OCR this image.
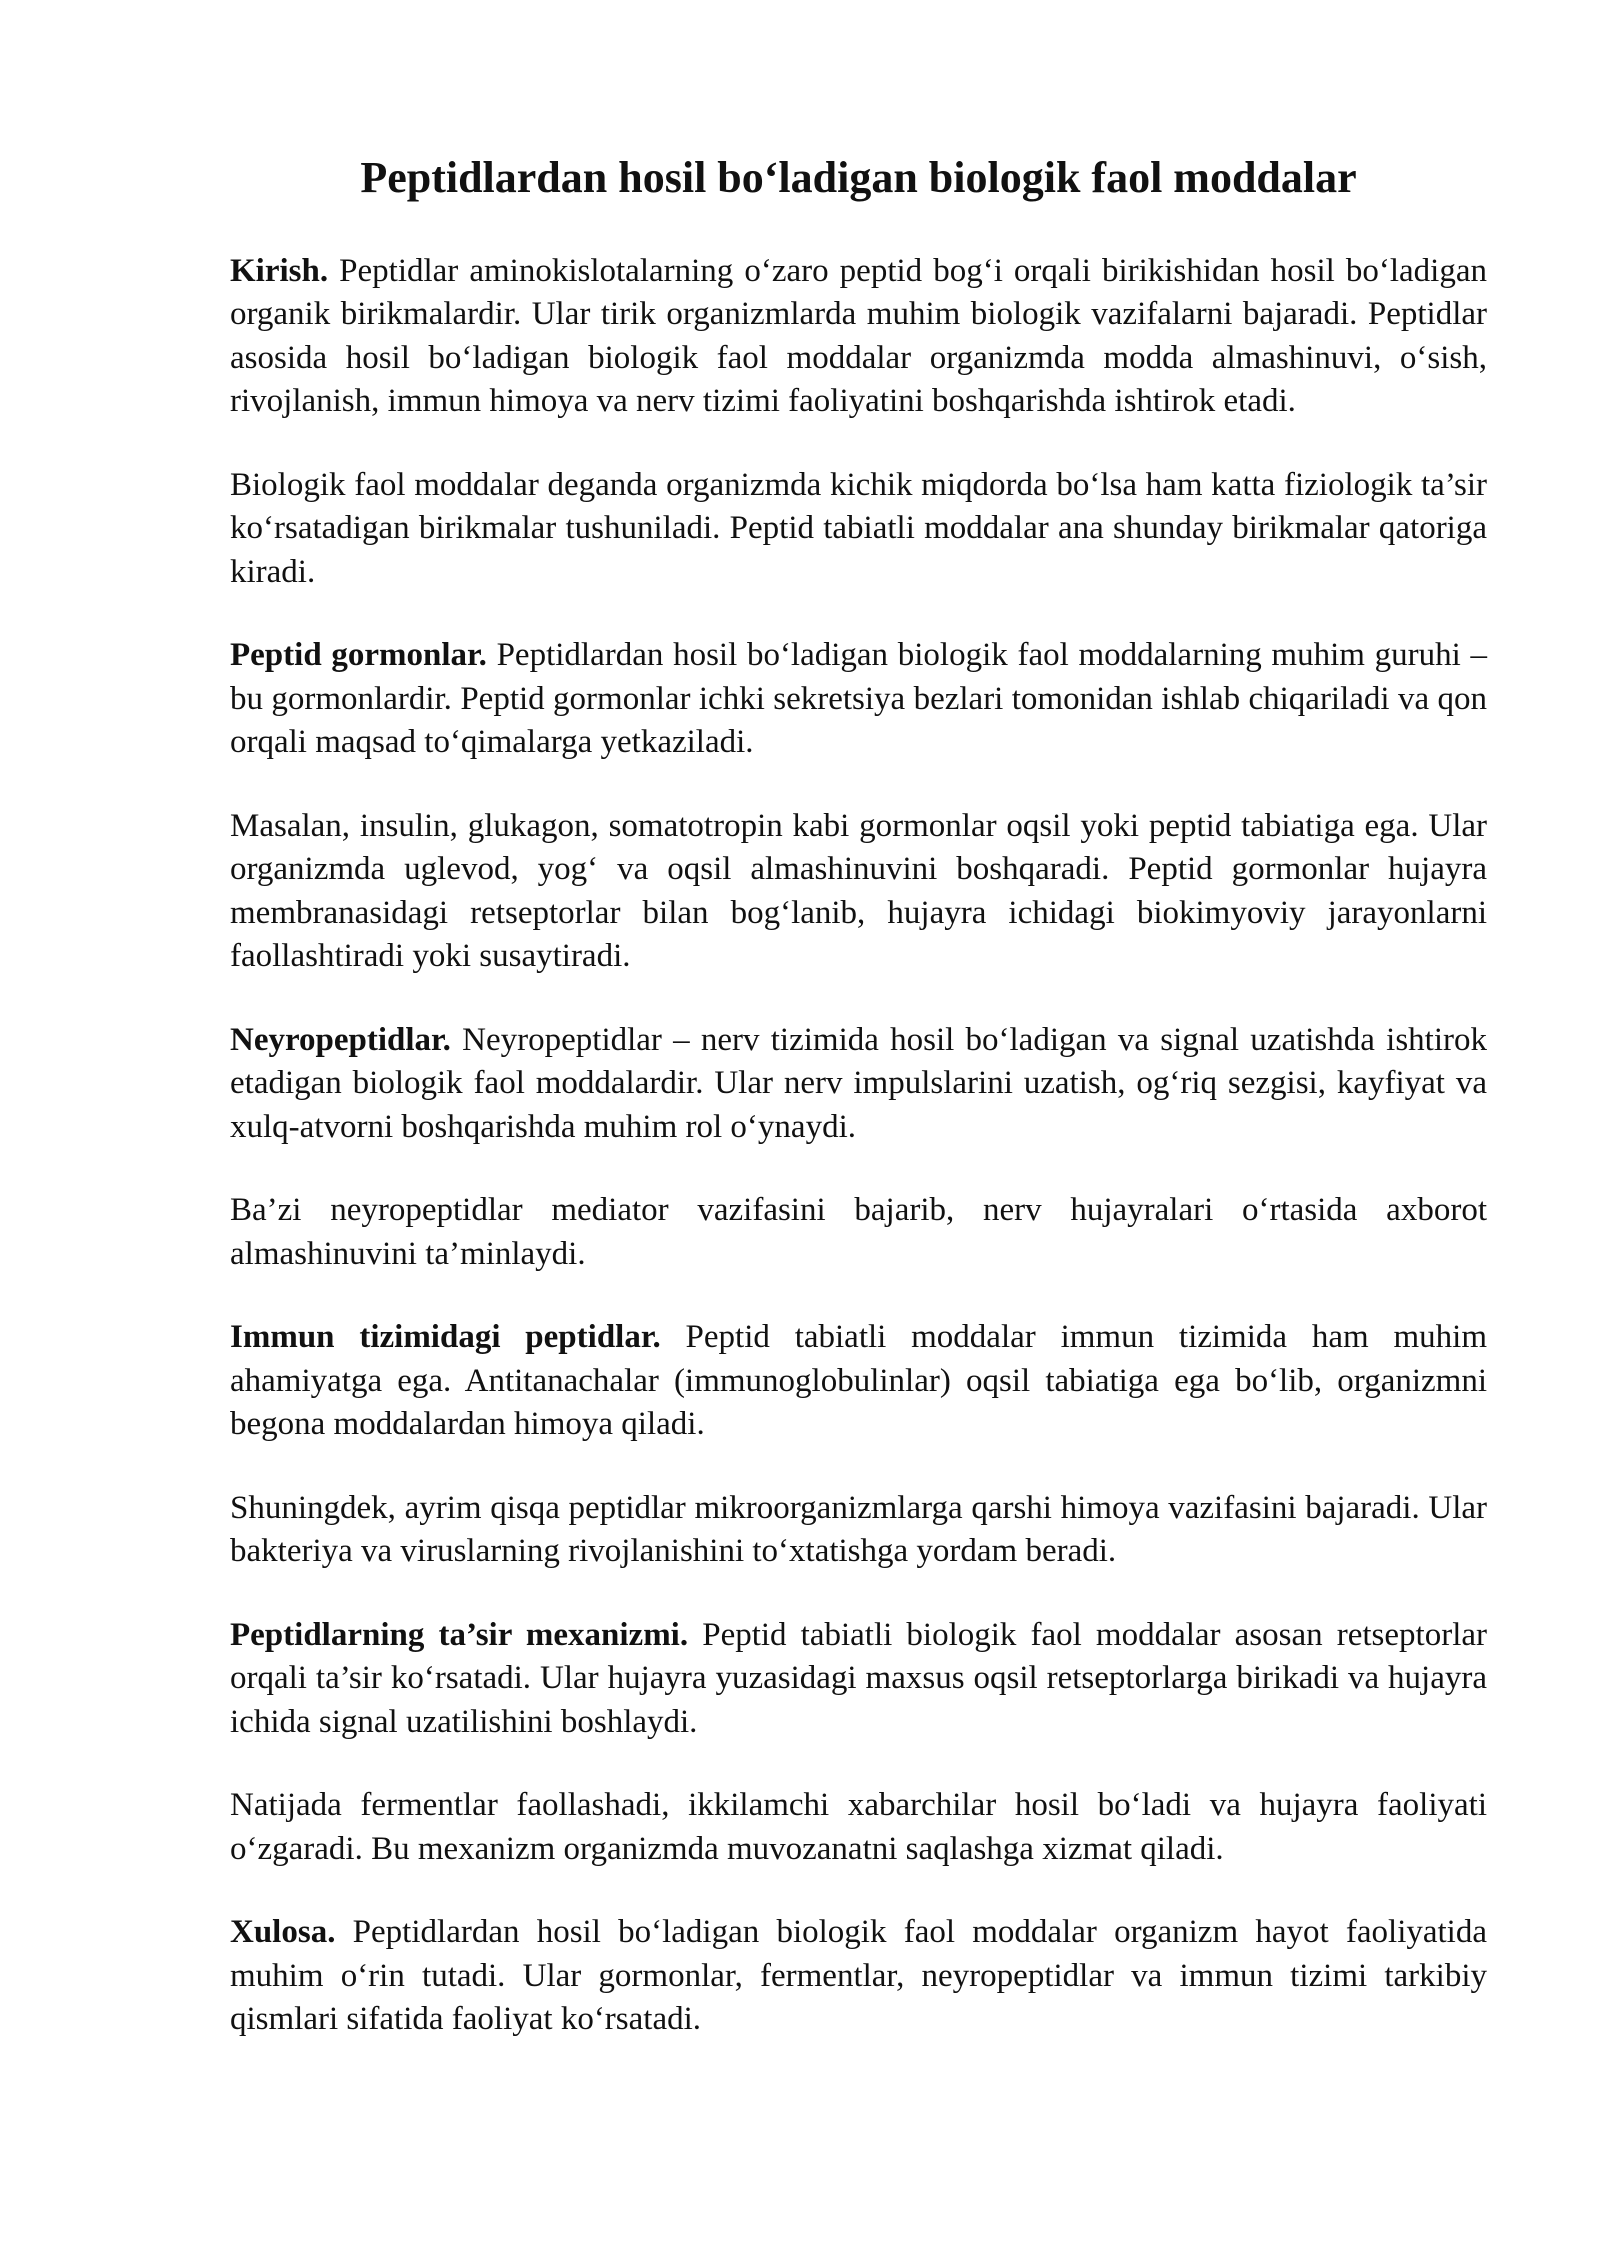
Peptidlardan hosil bo‘ladigan biologik faol moddalar

Kirish. Peptidlar aminokislotalarning o‘zaro peptid bog‘i orqali birikishidan hosil bo‘ladigan organik birikmalardir. Ular tirik organizmlarda muhim biologik vazifalarni bajaradi. Peptidlar asosida hosil bo‘ladigan biologik faol moddalar organizmda modda almashinuvi, o‘sish, rivojlanish, immun himoya va nerv tizimi faoliyatini boshqarishda ishtirok etadi.

Biologik faol moddalar deganda organizmda kichik miqdorda bo‘lsa ham katta fiziologik ta’sir ko‘rsatadigan birikmalar tushuniladi. Peptid tabiatli moddalar ana shunday birikmalar qatoriga kiradi.

Peptid gormonlar. Peptidlardan hosil bo‘ladigan biologik faol moddalarning muhim guruhi – bu gormonlardir. Peptid gormonlar ichki sekretsiya bezlari tomonidan ishlab chiqariladi va qon orqali maqsad to‘qimalarga yetkaziladi.

Masalan, insulin, glukagon, somatotropin kabi gormonlar oqsil yoki peptid tabiatiga ega. Ular organizmda uglevod, yog‘ va oqsil almashinuvini boshqaradi. Peptid gormonlar hujayra membranasidagi retseptorlar bilan bog‘lanib, hujayra ichidagi biokimyoviy jarayonlarni faollashtiradi yoki susaytiradi.

Neyropeptidlar. Neyropeptidlar – nerv tizimida hosil bo‘ladigan va signal uzatishda ishtirok etadigan biologik faol moddalardir. Ular nerv impulslarini uzatish, og‘riq sezgisi, kayfiyat va xulq-atvorni boshqarishda muhim rol o‘ynaydi.

Ba’zi neyropeptidlar mediator vazifasini bajarib, nerv hujayralari o‘rtasida axborot almashinuvini ta’minlaydi.

Immun tizimidagi peptidlar. Peptid tabiatli moddalar immun tizimida ham muhim ahamiyatga ega. Antitanachalar (immunoglobulinlar) oqsil tabiatiga ega bo‘lib, organizmni begona moddalardan himoya qiladi.

Shuningdek, ayrim qisqa peptidlar mikroorganizmlarga qarshi himoya vazifasini bajaradi. Ular bakteriya va viruslarning rivojlanishini to‘xtatishga yordam beradi.

Peptidlarning ta’sir mexanizmi. Peptid tabiatli biologik faol moddalar asosan retseptorlar orqali ta’sir ko‘rsatadi. Ular hujayra yuzasidagi maxsus oqsil retseptorlarga birikadi va hujayra ichida signal uzatilishini boshlaydi.

Natijada fermentlar faollashadi, ikkilamchi xabarchilar hosil bo‘ladi va hujayra faoliyati o‘zgaradi. Bu mexanizm organizmda muvozanatni saqlashga xizmat qiladi.

Xulosa. Peptidlardan hosil bo‘ladigan biologik faol moddalar organizm hayot faoliyatida muhim o‘rin tutadi. Ular gormonlar, fermentlar, neyropeptidlar va immun tizimi tarkibiy qismlari sifatida faoliyat ko‘rsatadi.
